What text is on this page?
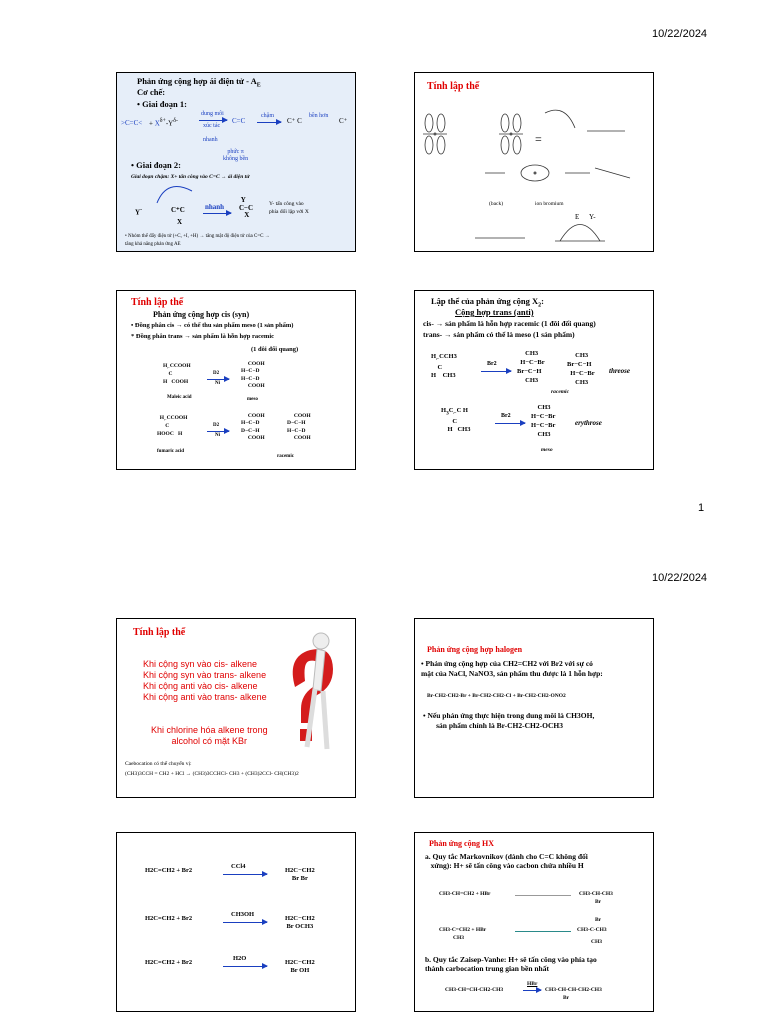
10/22/2024
Phản ứng cộng hợp ái điện tử - $A_E$
Cơ chế:
• Giai đoạn 1:
$>C=C< + X^{\delta+}-Y^{\delta-}$
dung môi
xúc tác
nhanh
C=C
phức π
không bền
chậm
→ C⁺ C
bền hơn
C⁺
• Giai đoạn 2:
Giai đoạn chậm: X+ tấn công vào C=C → ái điện tử
Y-	C⁺C
X
nhanh
Y
C−C
X
Y- tấn công vào
phía đối lập với X
• Nhóm thế đẩy điện tử (+C, +I, +H) → tăng mật độ điện tử của C=C →
tăng khả năng phản ứng AE
Tính lập thể
=
(back)	ion bromium
Y-
E
Tính lập thể
Phản ứng cộng hợp cis (syn)
• Đồng phân cis → có thể thu sản phẩm meso (1 sản phẩm)
* Đồng phân trans → sản phẩm là hỗn hợp racemic
(1 đôi đối quang)
$H_⌐CCOOH$
C
H   COOH
D2
Ni
COOH
H−C−D
H−C−D
COOH
Maleic acid	meso
$H_⌐CCOOH$
C
HOOC   H
D2
Ni
COOH
H−C−D
D−C−H
COOH
COOH
D−C−H
H−C−D
COOH
fumaric acid
racemic
Lập thể của phản ứng cộng $X_2$:
Cộng hợp trans (anti)
cis- → sản phẩm là hỗn hợp racemic (1 đôi đối quang)
trans- → sản phẩm có thể là meso (1 sản phẩm)
$H_⌐CCH3$
C
H    CH3
Br2
CH3
H−C−Br
Br−C−H
CH3
CH3
Br−C−H
H−C−Br
CH3
threose
racemic
$H_3C_⌐C$ H
C
H   CH3
Br2
CH3
H−C−Br
H−C−Br
CH3
erythrose
meso
1
10/22/2024
Tính lập thể
Khi cộng syn vào cis- alkene
Khi cộng syn vào trans- alkene
Khi cộng anti vào cis- alkene
Khi cộng anti vào trans- alkene
Khi chlorine hóa alkene trong
alcohol có mặt KBr
Caebocation có thể chuyển vị:
(CH3)3CCH = CH2 + HCl → (CH3)3CCHCl- CH3 + (CH3)2CCl- CH(CH3)2
Phản ứng cộng hợp halogen
• Phản ứng cộng hợp của CH2=CH2 với Br2 với sự có
mặt của NaCl, NaNO3, sản phẩm thu được là 1 hỗn hợp:
Br-CH2-CH2-Br + Br-CH2-CH2-Cl + Br-CH2-CH2-ONO2
• Nếu phản ứng thực hiện trong dung môi là CH3OH,
sản phẩm chính là Br-CH2-CH2-OCH3
H2C=CH2 + Br2
CCl4
H2C−CH2
Br Br
H2C=CH2 + Br2
CH3OH
H2C−CH2
Br OCH3
H2C=CH2 + Br2
H2O
H2C−CH2
Br OH
Phản ứng cộng HX
a. Quy tắc Markovnikov (dành cho C=C không đối
xứng): H+ sẽ tấn công vào cacbon chứa nhiều H
CH3-CH=CH2 + HBr	CH3-CH-CH3
Br
Br
CH3-C=CH2 + HBr
CH3
CH3-C-CH3
CH3
b. Quy tắc Zaisep-Vanhe: H+ sẽ tấn công vào phía tạo
thành carbocation trung gian bền nhất
CH3-CH=CH-CH2-CH3
HBr
→ CH3-CH-CH-CH2-CH3
Br
